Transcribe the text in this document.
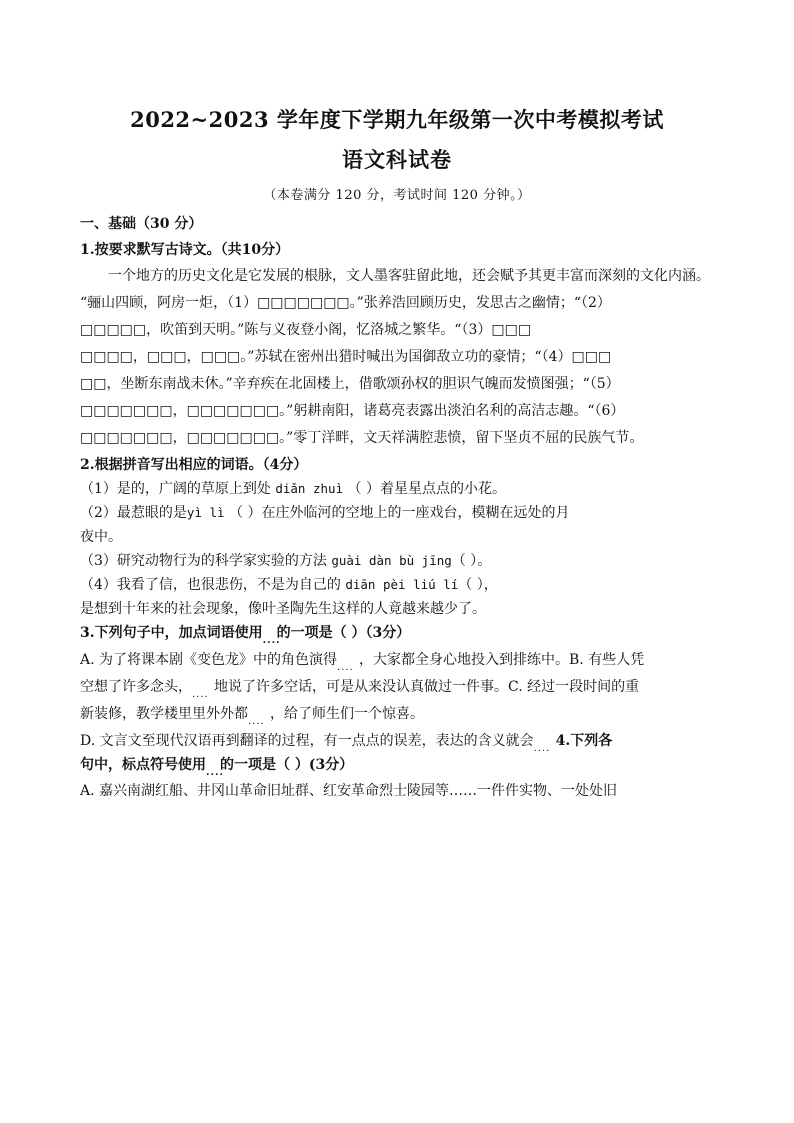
2022~2023 学年度下学期九年级第一次中考模拟考试
语文科试卷
（本卷满分 120 分，考试时间 120 分钟。）
一、基础（30 分）
1.按要求默写古诗文。（共10分）
一个地方的历史文化是它发展的根脉，文人墨客驻留此地，还会赋予其更丰富而深刻的文化内涵。
“骊山四顾，阿房一炬，（1）□□□□□□□。”张养浩回顾历史，发思古之幽情；“（2）
□□□□□，吹笛到天明。”陈与义夜登小阁，忆洛城之繁华。“（3）□□□
□□□□，□□□，□□□。”苏轼在密州出猎时喊出为国御敌立功的豪情；“（4）□□□
□□，坐断东南战未休。”辛弃疾在北固楼上，借歌颂孙权的胆识气魄而发愤图强；“（5）
□□□□□□□，□□□□□□□。”躬耕南阳，诸葛亮表露出淡泊名利的高洁志趣。“（6）
□□□□□□□，□□□□□□□。”零丁洋畔，文天祥满腔悲愤，留下坚贞不屈的民族气节。
2.根据拼音写出相应的词语。（4分）
（1）是的，广阔的草原上到处 diǎn zhuì （ ）着星星点点的小花。
（2）最惹眼的是yì lì （ ）在庄外临河的空地上的一座戏台，模糊在远处的月
夜中。
（3）研究动物行为的科学家实验的方法 guài dàn bù jīng（ ）。
（4）我看了信，也很悲伤，不是为自己的 diān pèi liú lí（ ），
是想到十年来的社会现象，像叶圣陶先生这样的人竟越来越少了。
3.下列句子中，加点词语使用 .... 的一项是（ ）（3分）
A. 为了将课本剧《变色龙》中的角色演得 .... ，大家都全身心地投入到排练中。B. 有些人凭
空想了许多念头， .... 地说了许多空话，可是从来没认真做过一件事。C. 经过一段时间的重
新装修，教学楼里里外外都 .... ，给了师生们一个惊喜。
D. 文言文至现代汉语再到翻译的过程，有一点点的误差，表达的含义就会 .... 4.下列各
句中，标点符号使用 .... 的一项是（ ）(3分）
A. 嘉兴南湖红船、井冈山革命旧址群、红安革命烈士陵园等……一件件实物、一处处旧
